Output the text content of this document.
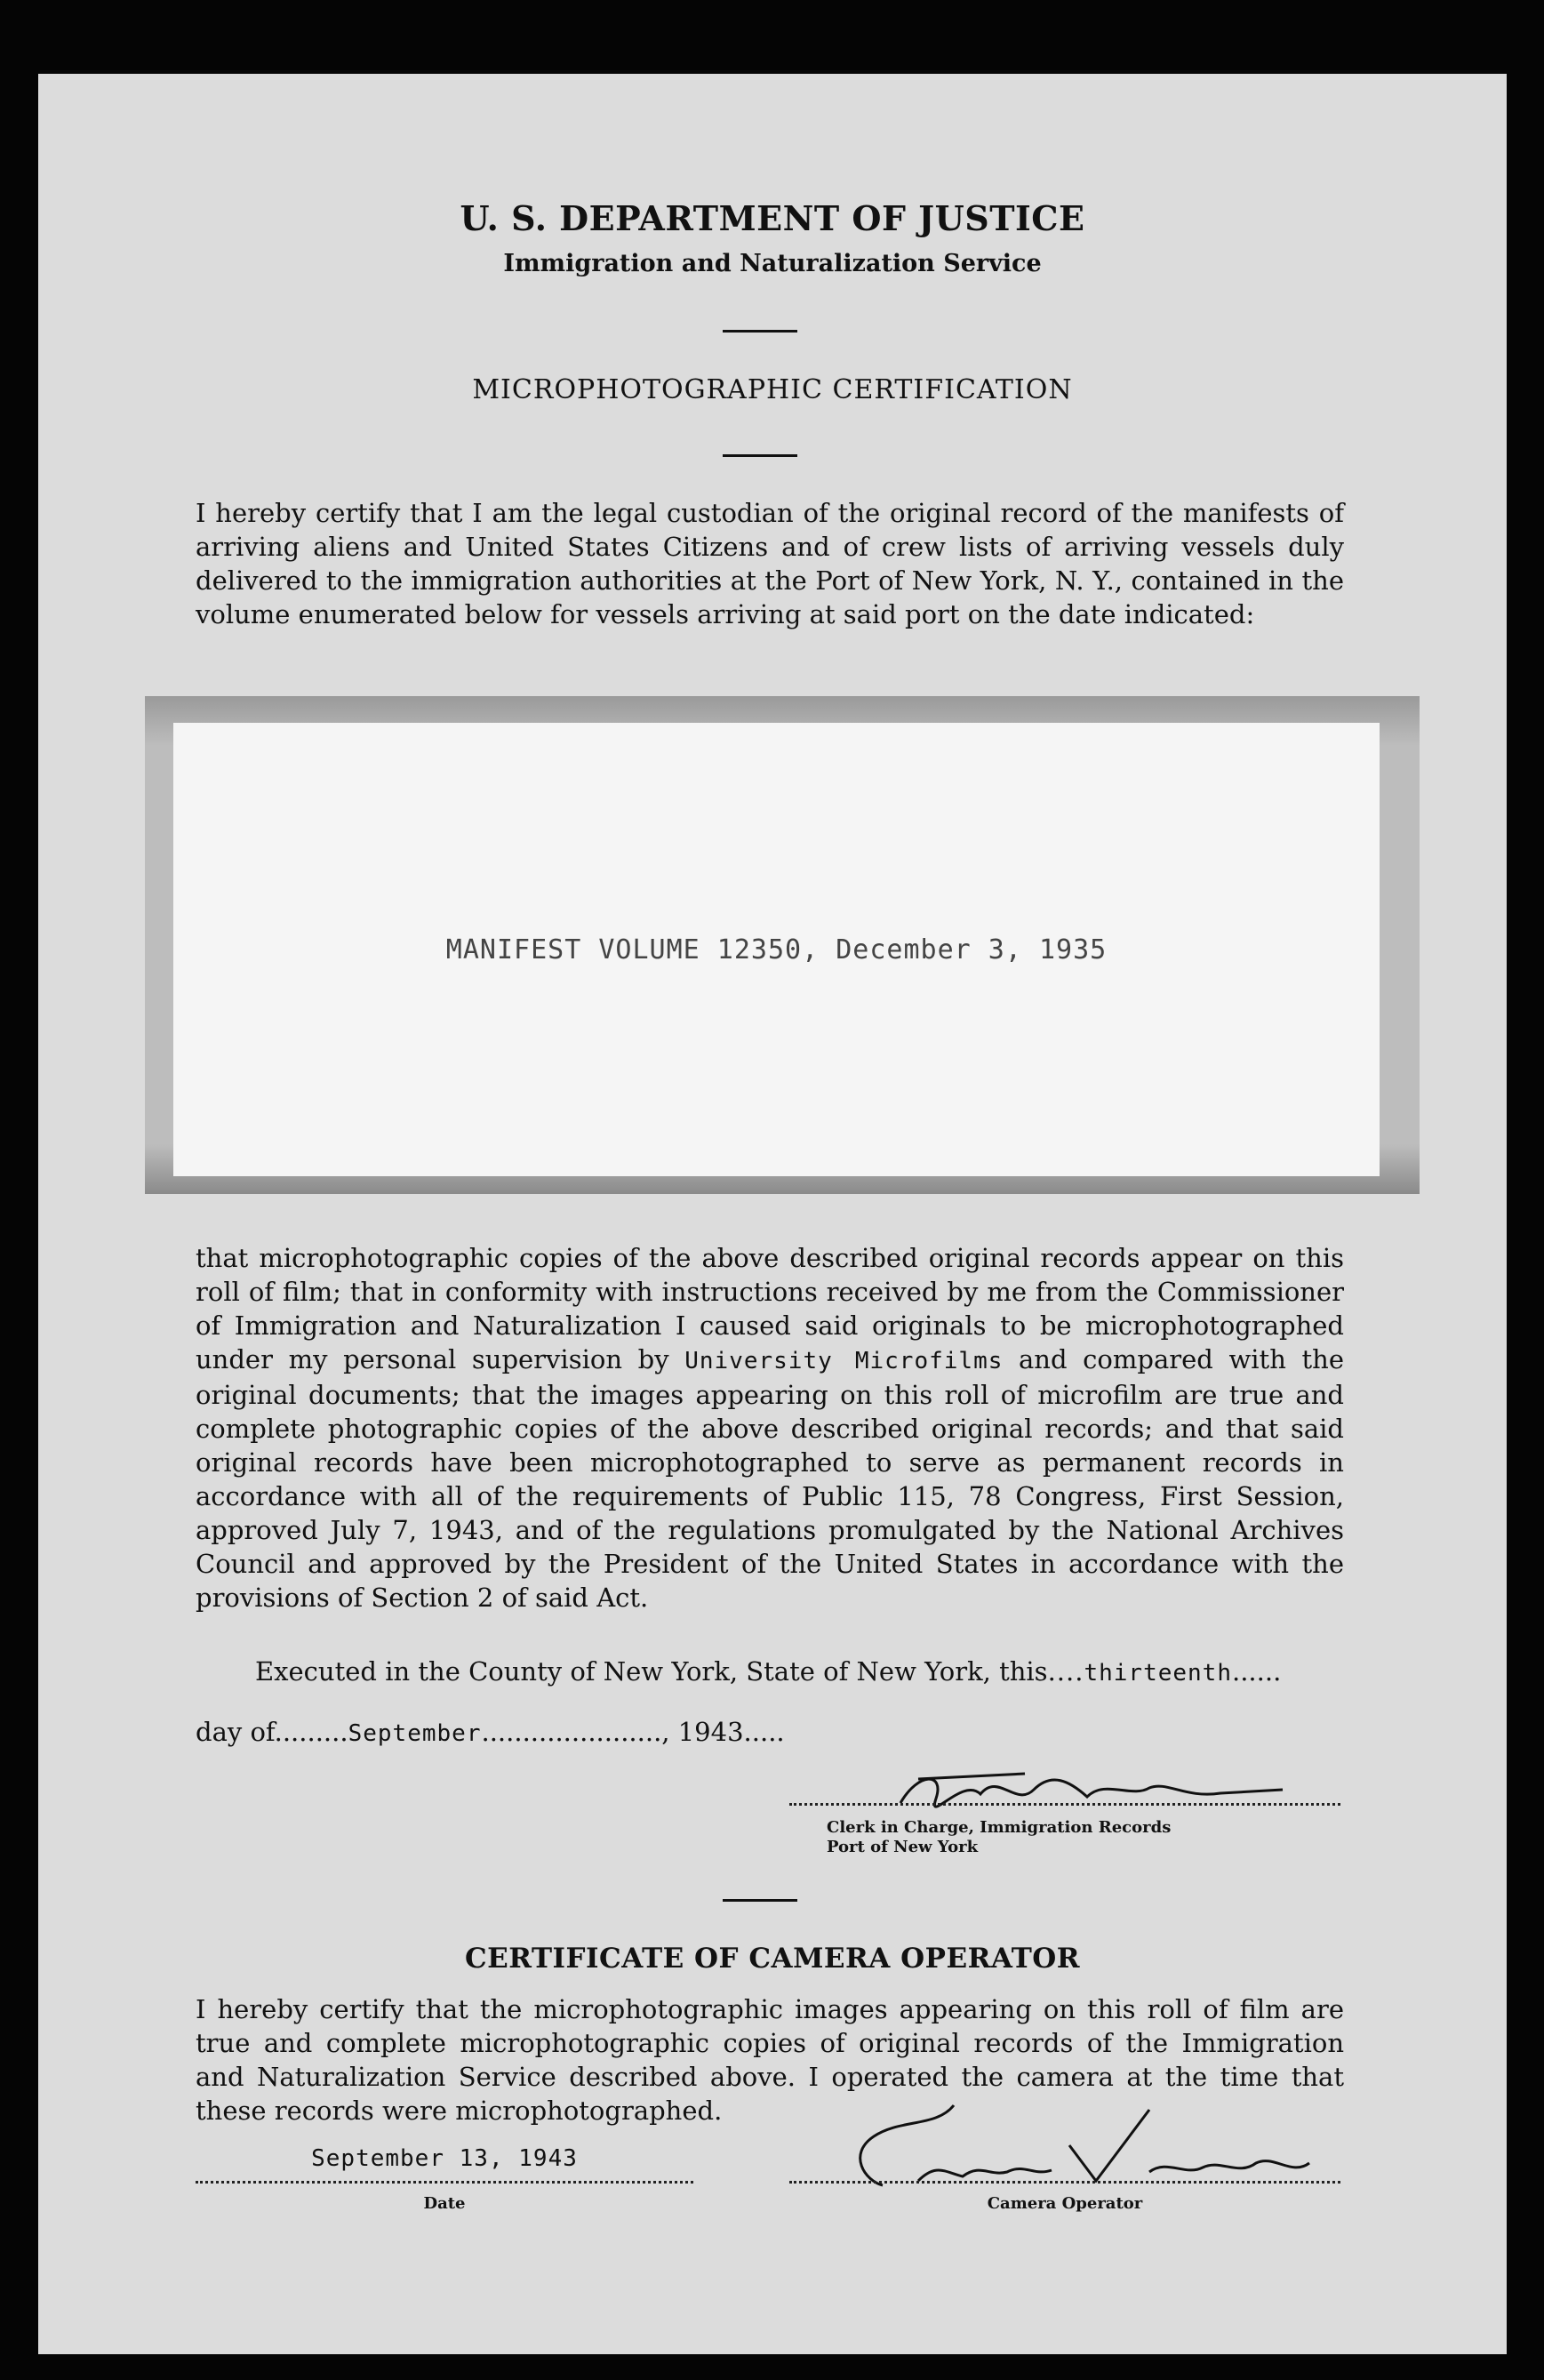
U. S. DEPARTMENT OF JUSTICE
Immigration and Naturalization Service
MICROPHOTOGRAPHIC CERTIFICATION

I hereby certify that I am the legal custodian of the original record of the manifests of arriving aliens and United States Citizens and of crew lists of arriving vessels duly delivered to the immigration authorities at the Port of New York, N. Y., contained in the volume enumerated below for vessels arriving at said port on the date indicated:

MANIFEST VOLUME 12350, December 3, 1935

that microphotographic copies of the above described original records appear on this roll of film; that in conformity with instructions received by me from the Commissioner of Immigration and Naturalization I caused said originals to be microphotographed under my personal supervision by University Microfilms and compared with the original documents; that the images appearing on this roll of microfilm are true and complete photographic copies of the above described original records; and that said original records have been microphotographed to serve as permanent records in accordance with all of the requirements of Public 115, 78 Congress, First Session, approved July 7, 1943, and of the regulations promulgated by the National Archives Council and approved by the President of the United States in accordance with the provisions of Section 2 of said Act.

Executed in the County of New York, State of New York, this....thirteenth......
day of.........September......................, 1943.....
Clerk in Charge, Immigration Records
Port of New York
CERTIFICATE OF CAMERA OPERATOR

I hereby certify that the microphotographic images appearing on this roll of film are true and complete microphotographic copies of original records of the Immigration and Naturalization Service described above. I operated the camera at the time that these records were microphotographed.

September 13, 1943
Date	Camera Operator
